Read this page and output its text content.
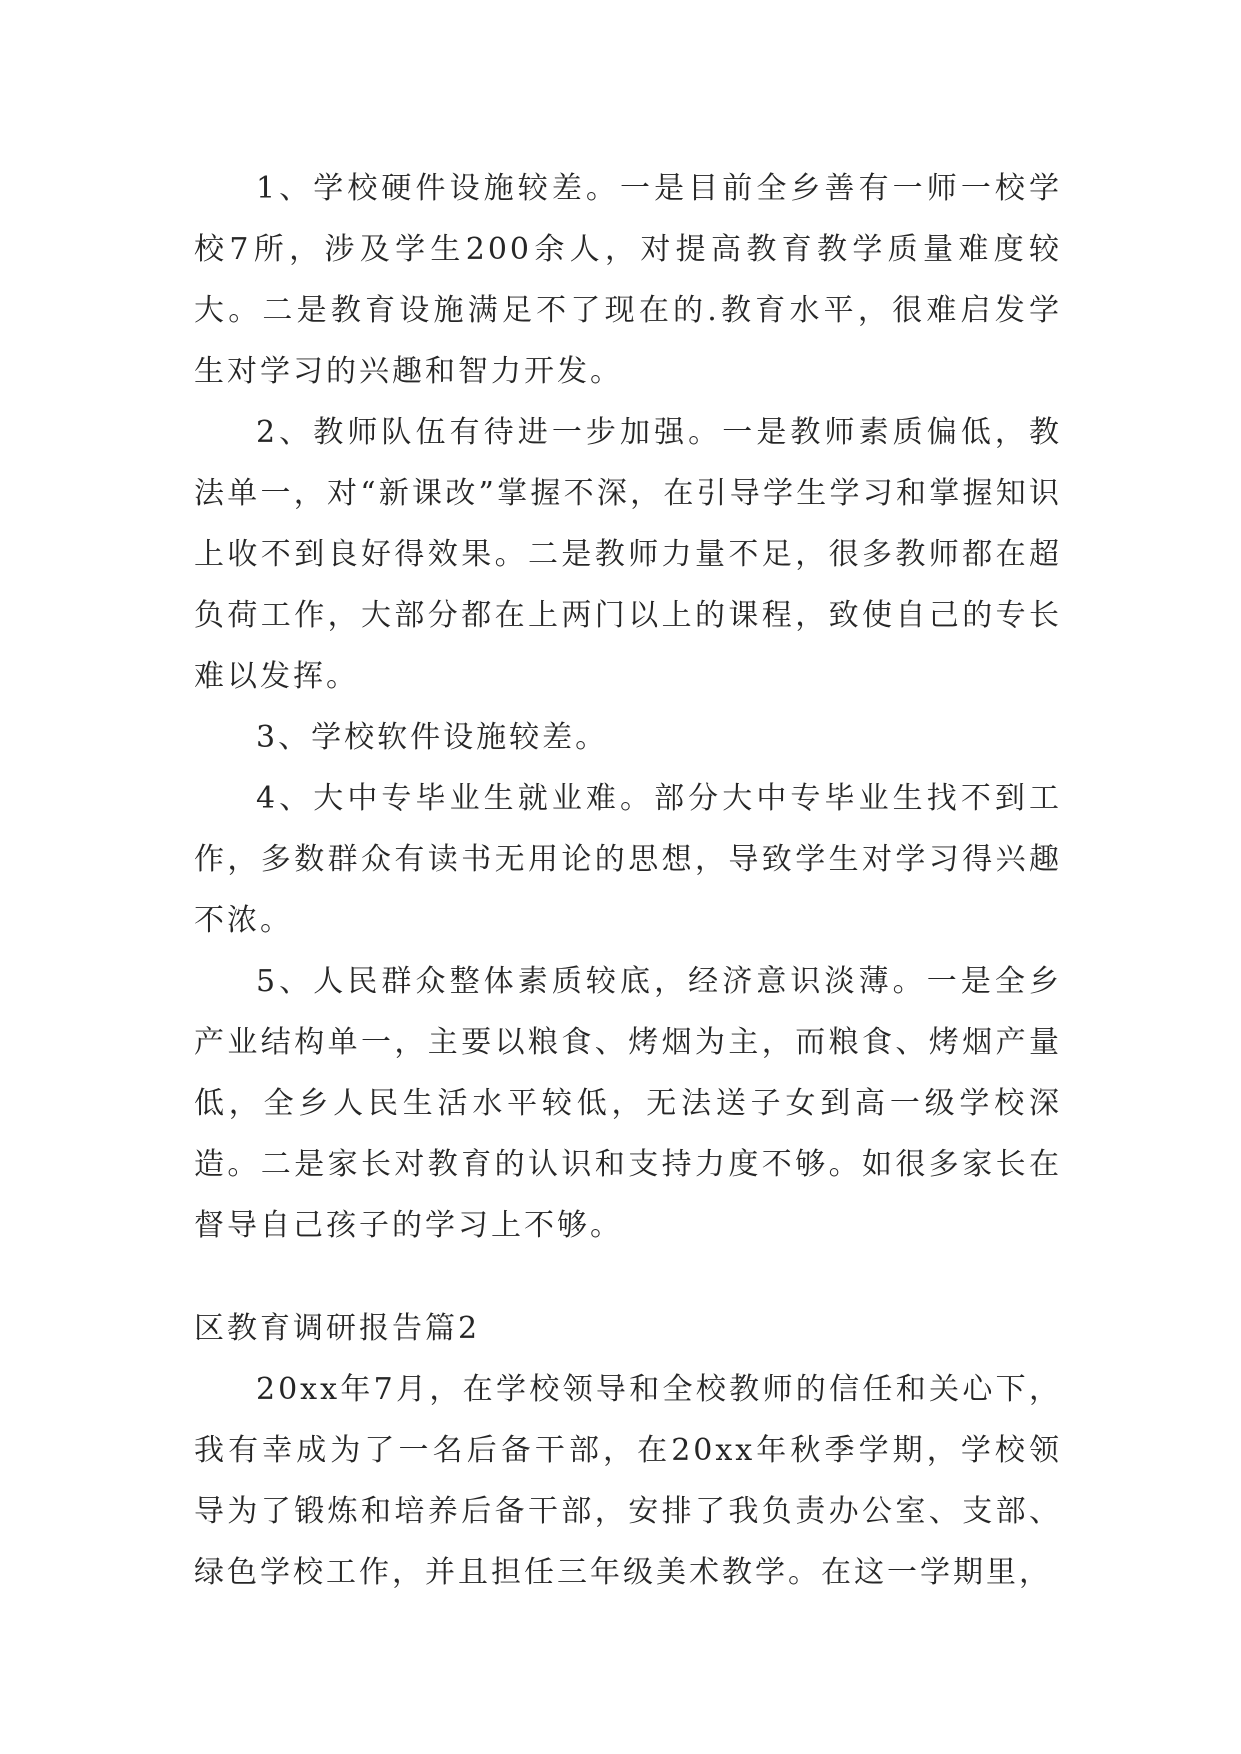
1、学校硬件设施较差。一是目前全乡善有一师一校学校7所，涉及学生200余人，对提高教育教学质量难度较大。二是教育设施满足不了现在的.教育水平，很难启发学生对学习的兴趣和智力开发。

2、教师队伍有待进一步加强。一是教师素质偏低，教法单一，对“新课改”掌握不深，在引导学生学习和掌握知识上收不到良好得效果。二是教师力量不足，很多教师都在超负荷工作，大部分都在上两门以上的课程，致使自己的专长难以发挥。

3、学校软件设施较差。

4、大中专毕业生就业难。部分大中专毕业生找不到工作，多数群众有读书无用论的思想，导致学生对学习得兴趣不浓。

5、人民群众整体素质较底，经济意识淡薄。一是全乡产业结构单一，主要以粮食、烤烟为主，而粮食、烤烟产量低，全乡人民生活水平较低，无法送子女到高一级学校深造。二是家长对教育的认识和支持力度不够。如很多家长在督导自己孩子的学习上不够。

区教育调研报告篇2

20xx年7月，在学校领导和全校教师的信任和关心下，我有幸成为了一名后备干部，在20xx年秋季学期，学校领导为了锻炼和培养后备干部，安排了我负责办公室、支部、绿色学校工作，并且担任三年级美术教学。在这一学期里，
